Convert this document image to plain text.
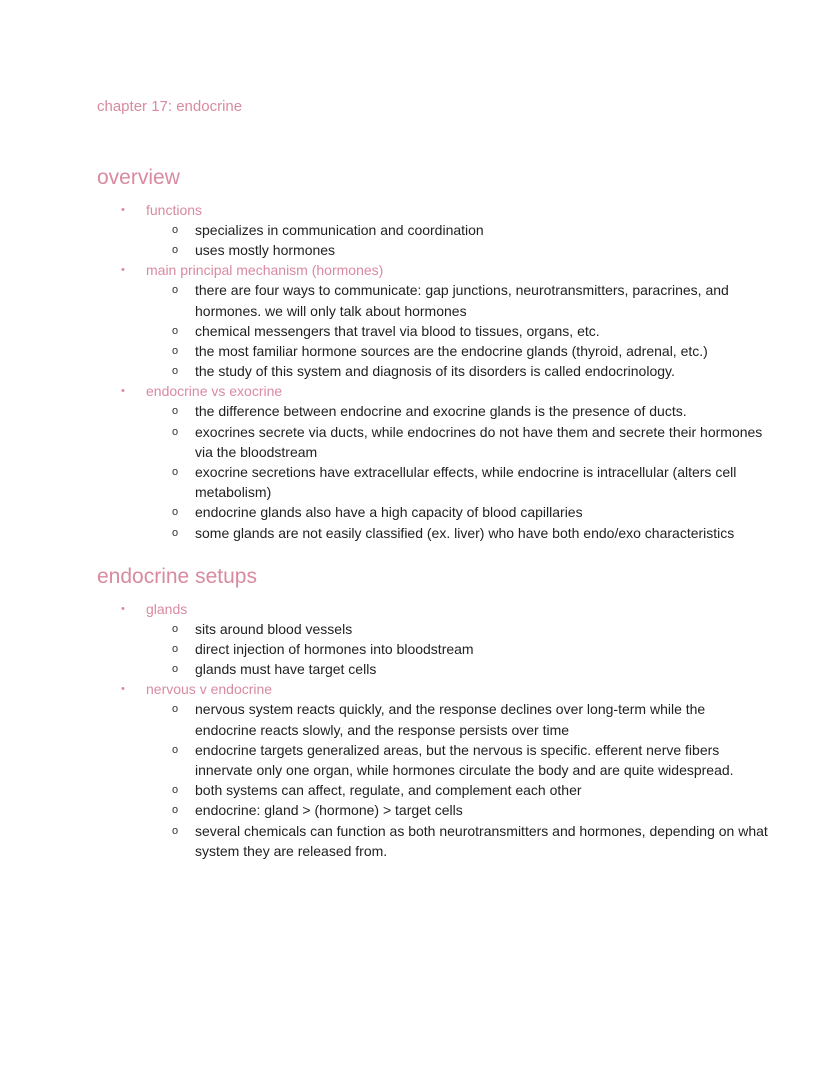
chapter 17: endocrine

overview
• functions
o specializes in communication and coordination
o uses mostly hormones
• main principal mechanism (hormones)
o there are four ways to communicate: gap junctions, neurotransmitters, paracrines, and hormones. we will only talk about hormones
o chemical messengers that travel via blood to tissues, organs, etc.
o the most familiar hormone sources are the endocrine glands (thyroid, adrenal, etc.)
o the study of this system and diagnosis of its disorders is called endocrinology.
• endocrine vs exocrine
o the difference between endocrine and exocrine glands is the presence of ducts.
o exocrines secrete via ducts, while endocrines do not have them and secrete their hormones via the bloodstream
o exocrine secretions have extracellular effects, while endocrine is intracellular (alters cell metabolism)
o endocrine glands also have a high capacity of blood capillaries
o some glands are not easily classified (ex. liver) who have both endo/exo characteristics
endocrine setups
• glands
o sits around blood vessels
o direct injection of hormones into bloodstream
o glands must have target cells
• nervous v endocrine
o nervous system reacts quickly, and the response declines over long-term while the endocrine reacts slowly, and the response persists over time
o endocrine targets generalized areas, but the nervous is specific. efferent nerve fibers innervate only one organ, while hormones circulate the body and are quite widespread.
o both systems can affect, regulate, and complement each other
o endocrine: gland > (hormone) > target cells
o several chemicals can function as both neurotransmitters and hormones, depending on what system they are released from.
